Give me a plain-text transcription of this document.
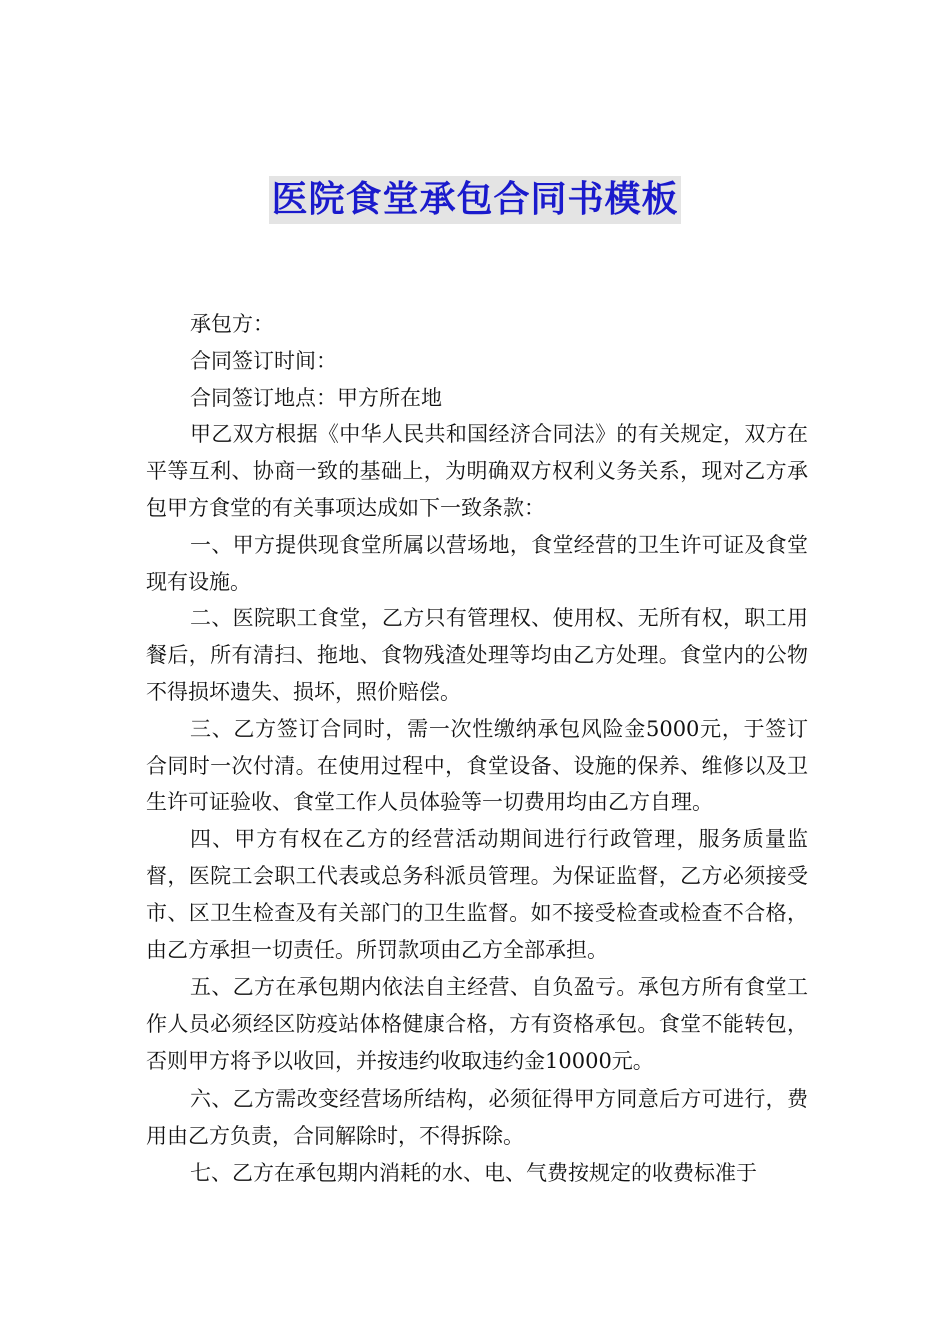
医院食堂承包合同书模板

承包方：

合同签订时间：

合同签订地点：甲方所在地

甲乙双方根据《中华人民共和国经济合同法》的有关规定，双方在平等互利、协商一致的基础上，为明确双方权利义务关系，现对乙方承包甲方食堂的有关事项达成如下一致条款：

一、甲方提供现食堂所属以营场地，食堂经营的卫生许可证及食堂现有设施。

二、医院职工食堂，乙方只有管理权、使用权、无所有权，职工用餐后，所有清扫、拖地、食物残渣处理等均由乙方处理。食堂内的公物不得损坏遗失、损坏，照价赔偿。

三、乙方签订合同时，需一次性缴纳承包风险金5000元，于签订合同时一次付清。在使用过程中，食堂设备、设施的保养、维修以及卫生许可证验收、食堂工作人员体验等一切费用均由乙方自理。

四、甲方有权在乙方的经营活动期间进行行政管理，服务质量监督，医院工会职工代表或总务科派员管理。为保证监督，乙方必须接受市、区卫生检查及有关部门的卫生监督。如不接受检查或检查不合格，由乙方承担一切责任。所罚款项由乙方全部承担。

五、乙方在承包期内依法自主经营、自负盈亏。承包方所有食堂工作人员必须经区防疫站体格健康合格，方有资格承包。食堂不能转包，否则甲方将予以收回，并按违约收取违约金10000元。

六、乙方需改变经营场所结构，必须征得甲方同意后方可进行，费用由乙方负责，合同解除时，不得拆除。

七、乙方在承包期内消耗的水、电、气费按规定的收费标准于
